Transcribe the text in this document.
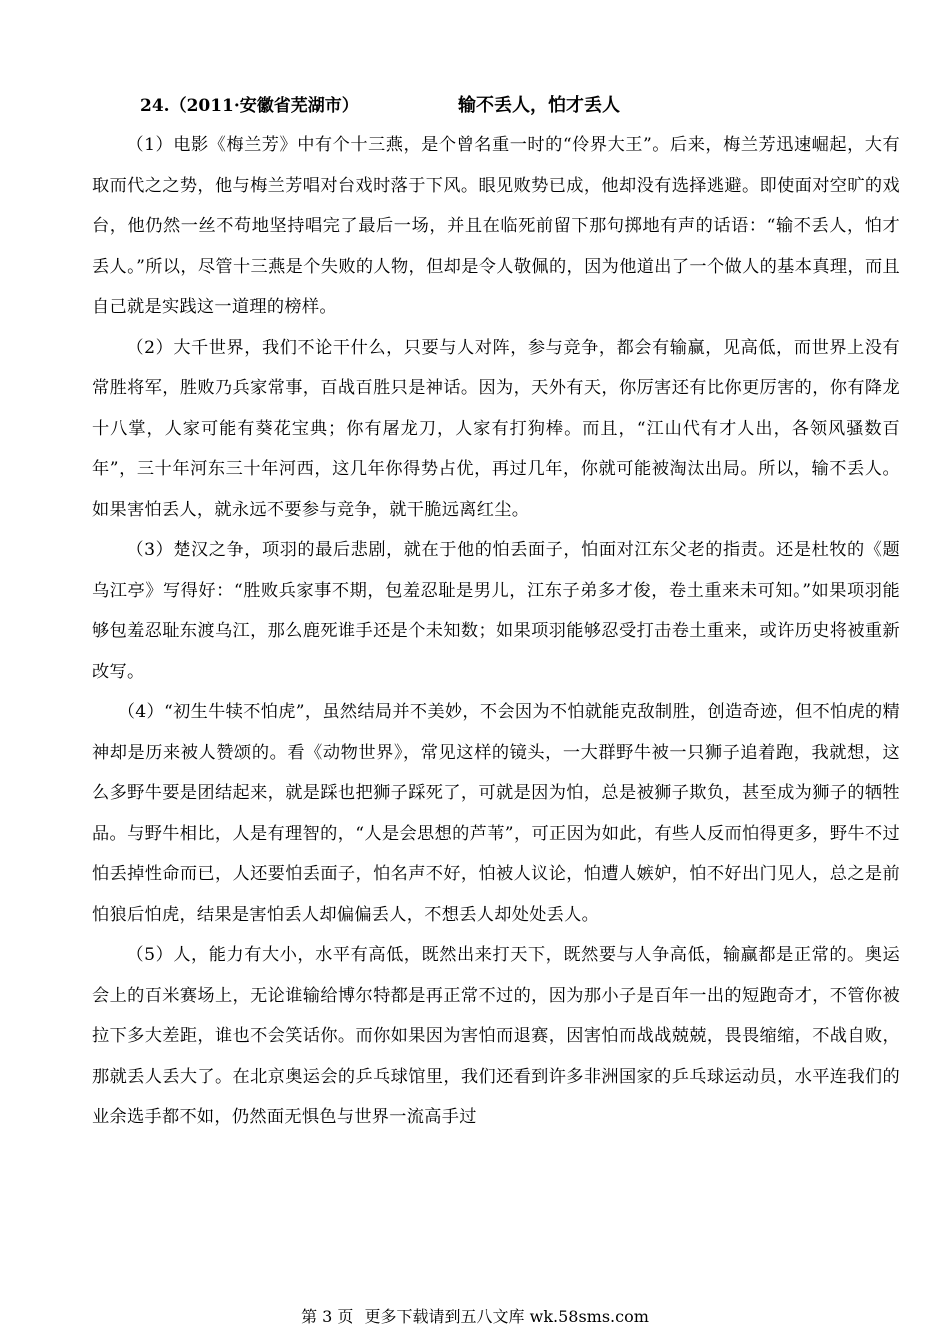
24.（2011·安徽省芜湖市）	输不丢人，怕才丢人

（1）电影《梅兰芳》中有个十三燕，是个曾名重一时的“伶界大王”。后来，梅兰芳迅速崛起，大有取而代之之势，他与梅兰芳唱对台戏时落于下风。眼见败势已成，他却没有选择逃避。即使面对空旷的戏台，他仍然一丝不苟地坚持唱完了最后一场，并且在临死前留下那句掷地有声的话语：“输不丢人，怕才丢人。”所以，尽管十三燕是个失败的人物，但却是令人敬佩的，因为他道出了一个做人的基本真理，而且自己就是实践这一道理的榜样。

（2）大千世界，我们不论干什么，只要与人对阵，参与竞争，都会有输赢，见高低，而世界上没有常胜将军，胜败乃兵家常事，百战百胜只是神话。因为，天外有天，你厉害还有比你更厉害的，你有降龙十八掌，人家可能有葵花宝典；你有屠龙刀，人家有打狗棒。而且，“江山代有才人出，各领风骚数百年”，三十年河东三十年河西，这几年你得势占优，再过几年，你就可能被淘汰出局。所以，输不丢人。如果害怕丢人，就永远不要参与竞争，就干脆远离红尘。

（3）楚汉之争，项羽的最后悲剧，就在于他的怕丢面子，怕面对江东父老的指责。还是杜牧的《题乌江亭》写得好：“胜败兵家事不期，包羞忍耻是男儿，江东子弟多才俊，卷土重来未可知。”如果项羽能够包羞忍耻东渡乌江，那么鹿死谁手还是个未知数；如果项羽能够忍受打击卷土重来，或许历史将被重新改写。

（4）“初生牛犊不怕虎”，虽然结局并不美妙，不会因为不怕就能克敌制胜，创造奇迹，但不怕虎的精神却是历来被人赞颂的。看《动物世界》，常见这样的镜头，一大群野牛被一只狮子追着跑，我就想，这么多野牛要是团结起来，就是踩也把狮子踩死了，可就是因为怕，总是被狮子欺负，甚至成为狮子的牺牲品。与野牛相比，人是有理智的，“人是会思想的芦苇”，可正因为如此，有些人反而怕得更多，野牛不过怕丢掉性命而已，人还要怕丢面子，怕名声不好，怕被人议论，怕遭人嫉妒，怕不好出门见人，总之是前怕狼后怕虎，结果是害怕丢人却偏偏丢人，不想丢人却处处丢人。

（5）人，能力有大小，水平有高低，既然出来打天下，既然要与人争高低，输赢都是正常的。奥运会上的百米赛场上，无论谁输给博尔特都是再正常不过的，因为那小子是百年一出的短跑奇才，不管你被拉下多大差距，谁也不会笑话你。而你如果因为害怕而退赛，因害怕而战战兢兢，畏畏缩缩，不战自败，那就丢人丢大了。在北京奥运会的乒乓球馆里，我们还看到许多非洲国家的乒乓球运动员，水平连我们的业余选手都不如，仍然面无惧色与世界一流高手过

第 3 页 更多下载请到五八文库 wk.58sms.com
